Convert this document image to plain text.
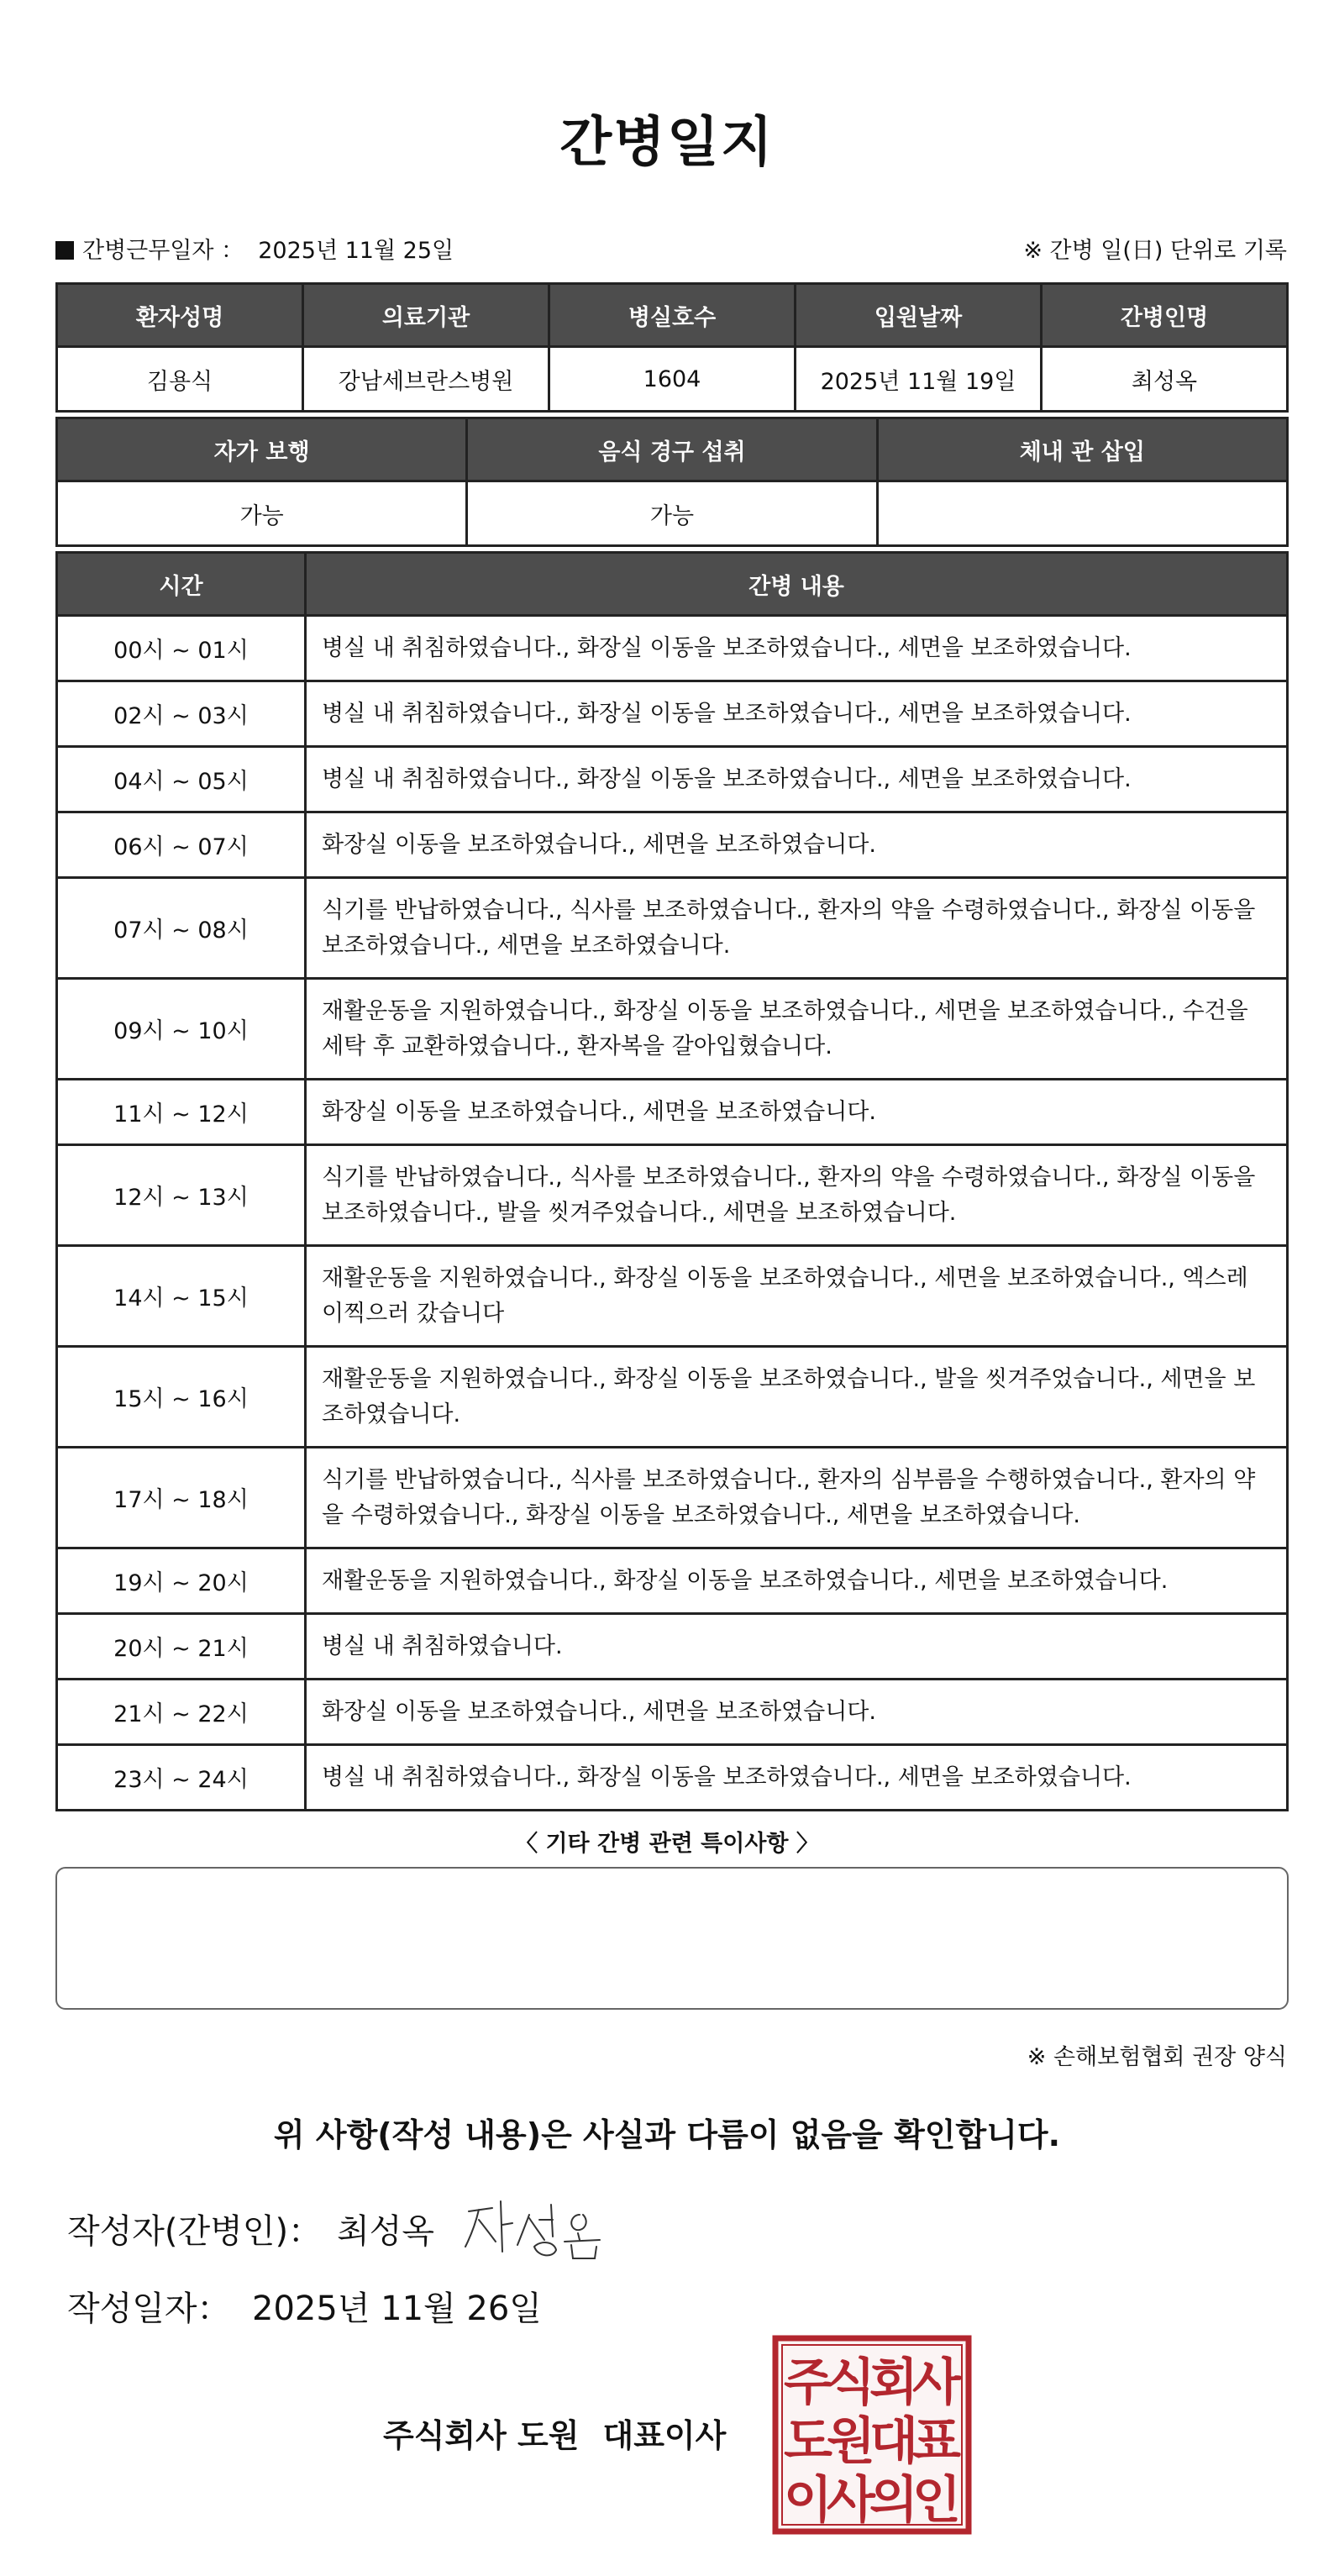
간병일지
간병근무일자 ： 2025년 11월 25일	※ 간병 일(日) 단위로 기록
환자성명	의료기관	병실호수	입원날짜	간병인명
김용식	강남세브란스병원	1604	2025년 11월 19일	최성옥
자가 보행	음식 경구 섭취	체내 관 삽입
가능	가능	
시간	간병 내용
00시 ~ 01시	병실 내 취침하였습니다., 화장실 이동을 보조하였습니다., 세면을 보조하였습니다.
02시 ~ 03시	병실 내 취침하였습니다., 화장실 이동을 보조하였습니다., 세면을 보조하였습니다.
04시 ~ 05시	병실 내 취침하였습니다., 화장실 이동을 보조하였습니다., 세면을 보조하였습니다.
06시 ~ 07시	화장실 이동을 보조하였습니다., 세면을 보조하였습니다.
07시 ~ 08시	식기를 반납하였습니다., 식사를 보조하였습니다., 환자의 약을 수령하였습니다., 화장실 이동을 보조하였습니다., 세면을 보조하였습니다.
09시 ~ 10시	재활운동을 지원하였습니다., 화장실 이동을 보조하였습니다., 세면을 보조하였습니다., 수건을 세탁 후 교환하였습니다., 환자복을 갈아입혔습니다.
11시 ~ 12시	화장실 이동을 보조하였습니다., 세면을 보조하였습니다.
12시 ~ 13시	식기를 반납하였습니다., 식사를 보조하였습니다., 환자의 약을 수령하였습니다., 화장실 이동을 보조하였습니다., 발을 씻겨주었습니다., 세면을 보조하였습니다.
14시 ~ 15시	재활운동을 지원하였습니다., 화장실 이동을 보조하였습니다., 세면을 보조하였습니다., 엑스레이찍으러 갔습니다
15시 ~ 16시	재활운동을 지원하였습니다., 화장실 이동을 보조하였습니다., 발을 씻겨주었습니다., 세면을 보조하였습니다.
17시 ~ 18시	식기를 반납하였습니다., 식사를 보조하였습니다., 환자의 심부름을 수행하였습니다., 환자의 약을 수령하였습니다., 화장실 이동을 보조하였습니다., 세면을 보조하였습니다.
19시 ~ 20시	재활운동을 지원하였습니다., 화장실 이동을 보조하였습니다., 세면을 보조하였습니다.
20시 ~ 21시	병실 내 취침하였습니다.
21시 ~ 22시	화장실 이동을 보조하였습니다., 세면을 보조하였습니다.
23시 ~ 24시	병실 내 취침하였습니다., 화장실 이동을 보조하였습니다., 세면을 보조하였습니다.
〈 기타 간병 관련 특이사항 〉
※ 손해보험협회 권장 양식
위 사항(작성 내용)은 사실과 다름이 없음을 확인합니다.
작성자(간병인)： 최성옥
작성일자： 2025년 11월 26일
주식회사 도원 대표이사
주
식
회
사
도
원
대
표
이
사
의
인
